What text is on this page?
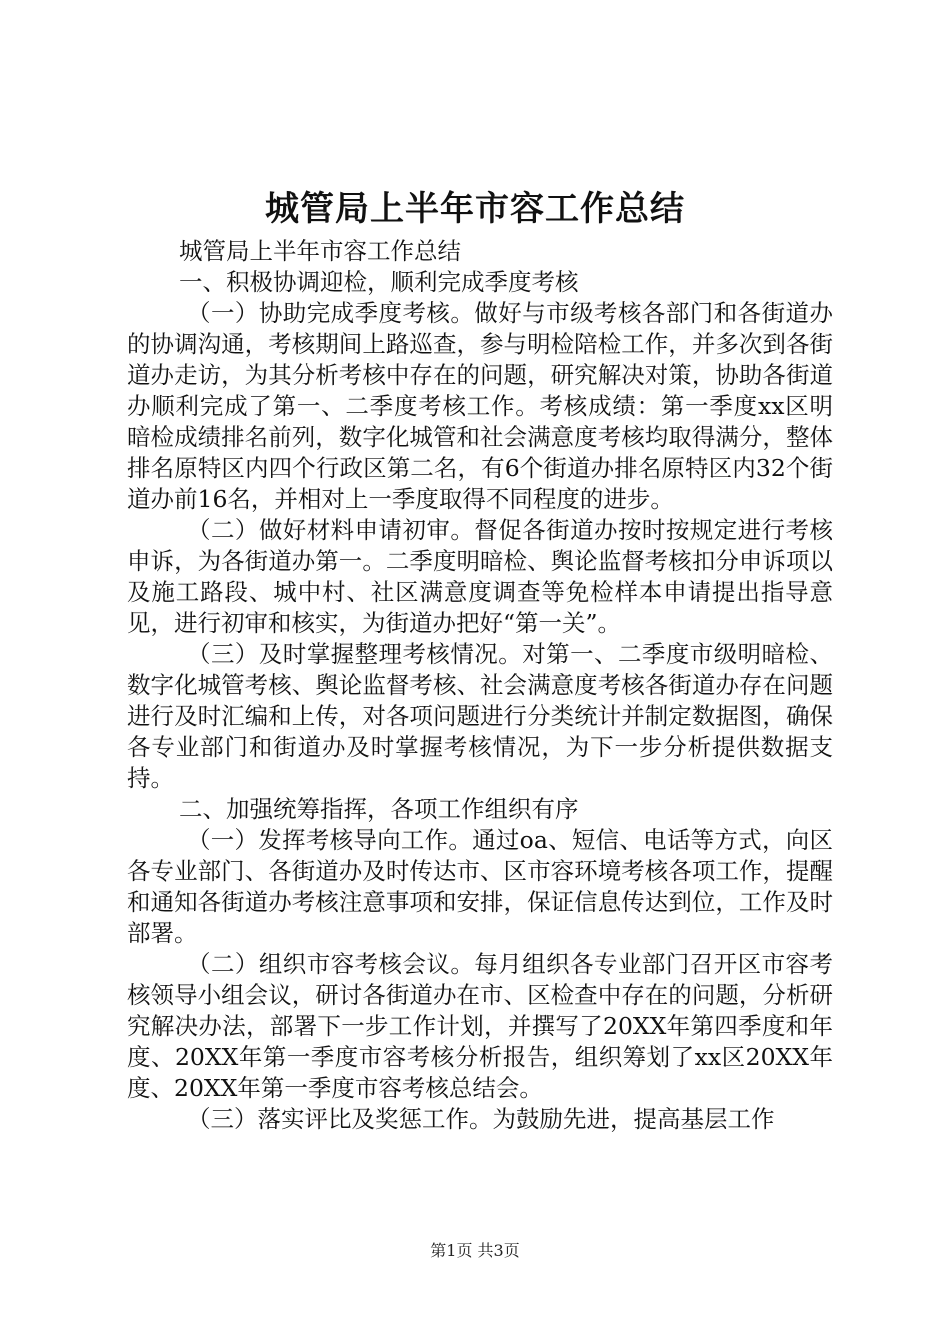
城管局上半年市容工作总结

城管局上半年市容工作总结

一、积极协调迎检，顺利完成季度考核

（一）协助完成季度考核。做好与市级考核各部门和各街道办的协调沟通，考核期间上路巡查，参与明检陪检工作，并多次到各街道办走访，为其分析考核中存在的问题，研究解决对策，协助各街道办顺利完成了第一、二季度考核工作。考核成绩：第一季度xx区明暗检成绩排名前列，数字化城管和社会满意度考核均取得满分，整体排名原特区内四个行政区第二名，有6个街道办排名原特区内32个街道办前16名，并相对上一季度取得不同程度的进步。

（二）做好材料申请初审。督促各街道办按时按规定进行考核申诉，为各街道办第一。二季度明暗检、舆论监督考核扣分申诉项以及施工路段、城中村、社区满意度调查等免检样本申请提出指导意见，进行初审和核实，为街道办把好“第一关”。

（三）及时掌握整理考核情况。对第一、二季度市级明暗检、数字化城管考核、舆论监督考核、社会满意度考核各街道办存在问题进行及时汇编和上传，对各项问题进行分类统计并制定数据图，确保各专业部门和街道办及时掌握考核情况，为下一步分析提供数据支持。

二、加强统筹指挥，各项工作组织有序

（一）发挥考核导向工作。通过oa、短信、电话等方式，向区各专业部门、各街道办及时传达市、区市容环境考核各项工作，提醒和通知各街道办考核注意事项和安排，保证信息传达到位，工作及时部署。

（二）组织市容考核会议。每月组织各专业部门召开区市容考核领导小组会议，研讨各街道办在市、区检查中存在的问题，分析研究解决办法，部署下一步工作计划，并撰写了20XX年第四季度和年度、20XX年第一季度市容考核分析报告，组织筹划了xx区20XX年度、20XX年第一季度市容考核总结会。

（三）落实评比及奖惩工作。为鼓励先进，提高基层工作

第1页 共3页
